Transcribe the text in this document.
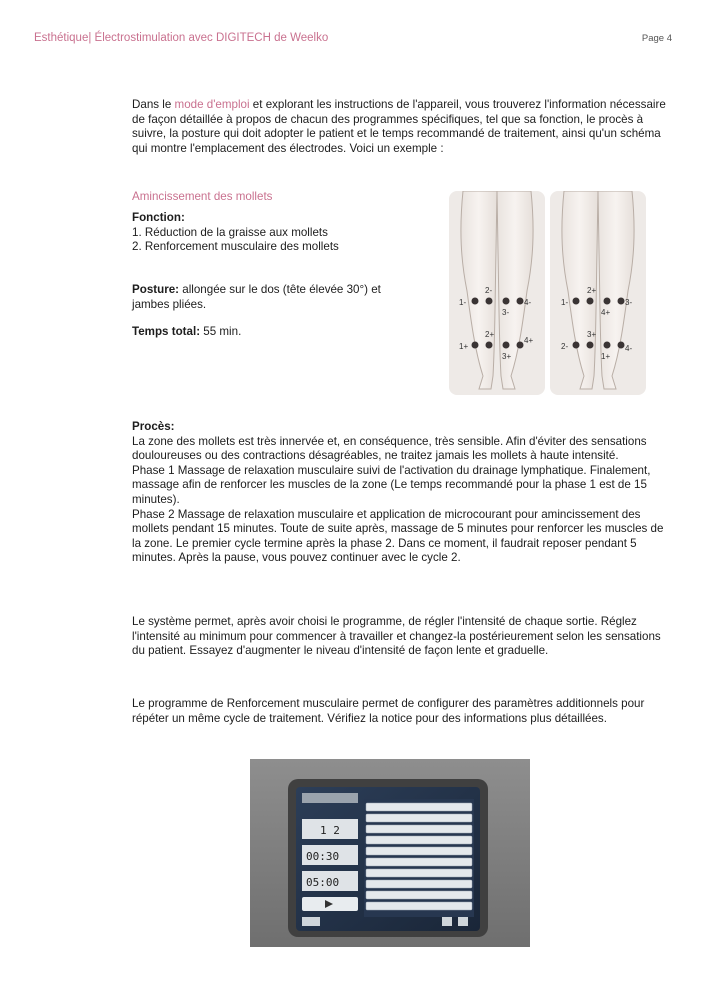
Esthétique| Électrostimulation avec DIGITECH de Weelko	Page 4

Dans le mode d'emploi et explorant les instructions de l'appareil, vous trouverez l'information nécessaire de façon détaillée à propos de chacun des programmes spécifiques, tel que sa fonction, le procès à suivre, la posture qui doit adopter le patient et le temps recommandé de traitement, ainsi qu'un schéma qui montre l'emplacement des électrodes. Voici un exemple :

Amincissement des mollets
Fonction:
1. Réduction de la graisse aux mollets
2. Renforcement musculaire des mollets
Posture: allongée sur le dos (tête élevée 30°) et jambes pliées.
Temps total: 55 min.
1-
2-
3-
4-
1+
2+
3+
4+
1-
2+
3-
4+
2-
3+
4-
1+
Procès:
La zone des mollets est très innervée et, en conséquence, très sensible. Afin d'éviter des sensations douloureuses ou des contractions désagréables, ne traitez jamais les mollets à haute intensité.
Phase 1 Massage de relaxation musculaire suivi de l'activation du drainage lymphatique. Finalement, massage afin de renforcer les muscles de la zone (Le temps recommandé pour la phase 1 est de 15 minutes).
Phase 2 Massage de relaxation musculaire et application de microcourant pour amincissement des mollets pendant 15 minutes. Toute de suite après, massage de 5 minutes pour renforcer les muscles de la zone. Le premier cycle termine après la phase 2. Dans ce moment, il faudrait reposer pendant 5 minutes. Après la pause, vous pouvez continuer avec le cycle 2.

Le système permet, après avoir choisi le programme, de régler l'intensité de chaque sortie. Réglez l'intensité au minimum pour commencer à travailler et changez-la postérieurement selon les sensations du patient. Essayez d'augmenter le niveau d'intensité de façon lente et graduelle.

Le programme de Renforcement musculaire permet de configurer des paramètres additionnels pour répéter un même cycle de traitement. Vérifiez la notice pour des informations plus détaillées.

1 2
00:30
05:00
